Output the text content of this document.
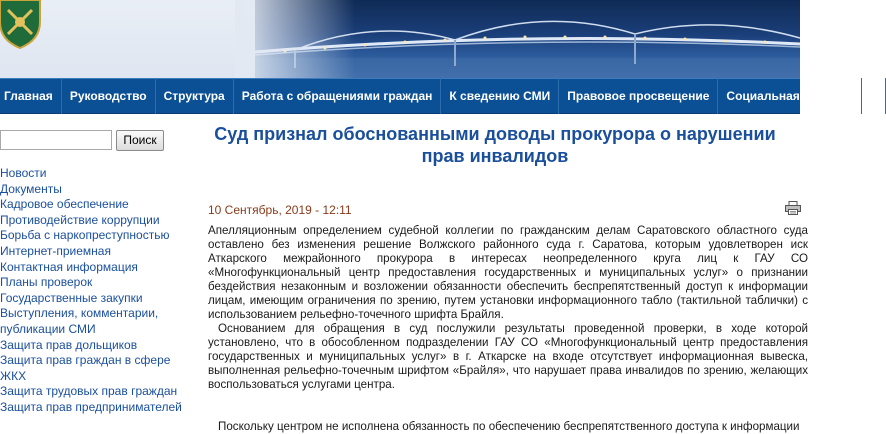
Главная	Руководство	Структура	Работа с обращениями граждан	К сведению СМИ	Правовое просвещение	Социальная реклама	К
Поиск
Новости
Документы
Кадровое обеспечение
Противодействие коррупции
Борьба с наркопреступностью
Интернет-приемная
Контактная информация
Планы проверок
Государственные закупки
Выступления, комментарии, публикации СМИ
Защита прав дольщиков
Защита прав граждан в сфере ЖКХ
Защита трудовых прав граждан
Защита прав предпринимателей
Суд признал обоснованными доводы прокурора о нарушении прав инвалидов
10 Сентябрь, 2019 - 12:11
Апелляционным определением судебной коллегии по гражданским делам Саратовского областного суда оставлено без изменения решение Волжского районного суда г. Саратова, которым удовлетворен иск Аткарского межрайонного прокурора в интересах неопределенного круга лиц к ГАУ СО «Многофункциональный центр предоставления государственных и муниципальных услуг» о признании бездействия незаконным и возложении обязанности обеспечить беспрепятственный доступ к информации лицам, имеющим ограничения по зрению, путем установки информационного табло (тактильной таблички) с использованием рельефно-точечного шрифта Брайля.
Основанием для обращения в суд послужили результаты проведенной проверки, в ходе которой установлено, что в обособленном подразделении ГАУ СО «Многофункциональный центр предоставления государственных и муниципальных услуг» в г. Аткарске на входе отсутствует информационная вывеска, выполненная рельефно-точечным шрифтом «Брайля», что нарушает права инвалидов по зрению, желающих воспользоваться услугами центра.
Поскольку центром не исполнена обязанность по обеспечению беспрепятственного доступа к информации
